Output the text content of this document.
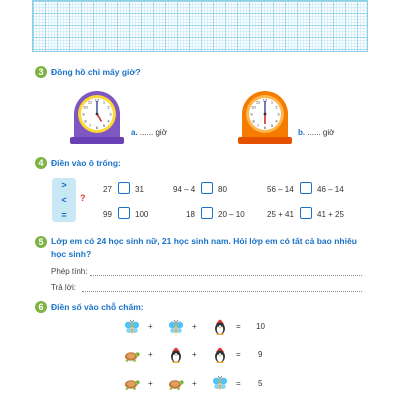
3 Đồng hồ chỉ mấy giờ?
12
3
6
9
1
2
4
5
7
8
10
11
a. ...... giờ
12
3
6
9
1
2
4
5
7
8
10
11
b. ...... giờ
4 Điền vào ô trống:
>
<
=
?
27	31	94 – 4	80	56 – 14	46 – 14
99	100	18	20 – 10	25 + 41	41 + 25
5 Lớp em có 24 học sinh nữ, 21 học sinh nam. Hỏi lớp em có tất cả bao nhiêu học sinh?
Phép tính:
Trả lời:
6 Điền số vào chỗ chấm:
+	+	= 10
+	+	= 9
+	+	= 5
